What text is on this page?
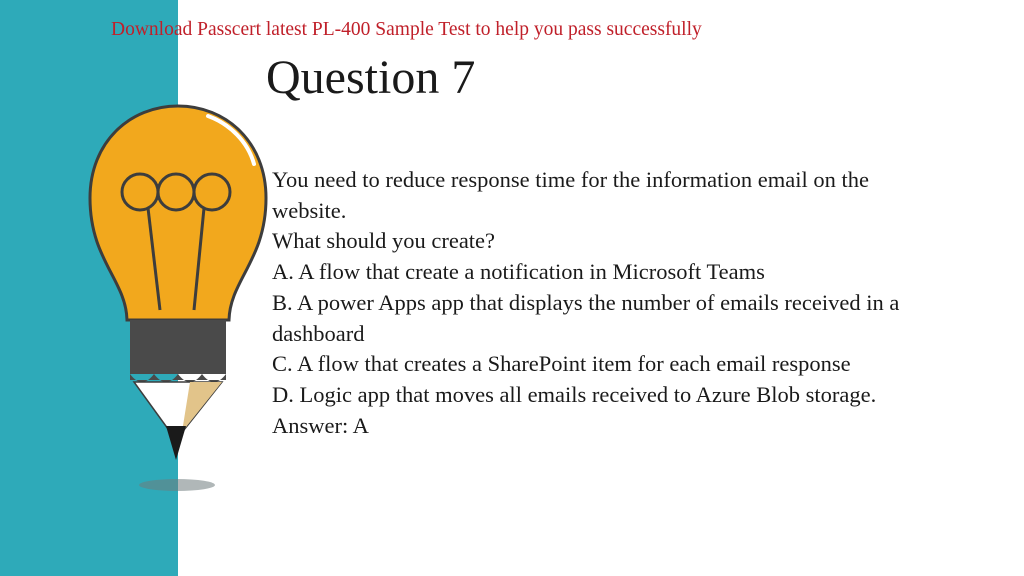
Download Passcert latest PL-400 Sample Test to help you pass successfully
Question 7
You need to reduce response time for the information email on the
website.
What should you create?
A. A flow that create a notification in Microsoft Teams
B. A power Apps app that displays the number of emails received in a
dashboard
C. A flow that creates a SharePoint item for each email response
D. Logic app that moves all emails received to Azure Blob storage.
Answer: A
